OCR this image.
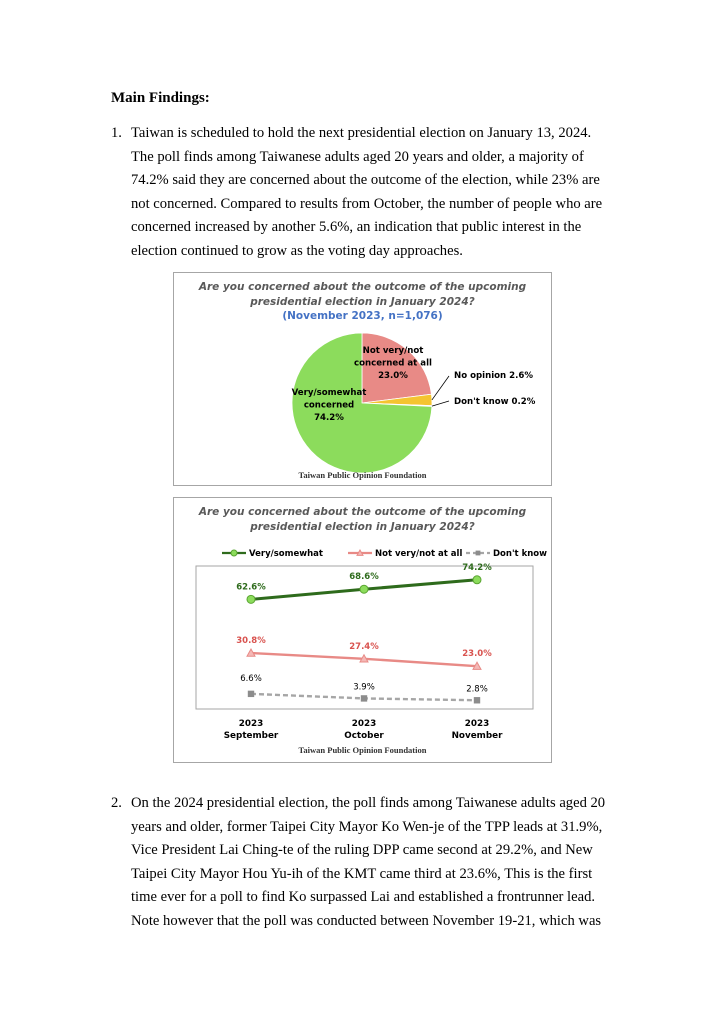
Main Findings:
1. Taiwan is scheduled to hold the next presidential election on January 13, 2024.
The poll finds among Taiwanese adults aged 20 years and older, a majority of
74.2% said they are concerned about the outcome of the election, while 23% are
not concerned. Compared to results from October, the number of people who are
concerned increased by another 5.6%, an indication that public interest in the
election continued to grow as the voting day approaches.
Are you concerned about the outcome of the upcoming
presidential election in January 2024?
(November 2023, n=1,076)
Not very/not concerned at all 23.0%	No opinion 2.6%
Don't know 0.2%
Very/somewhat concerned 74.2%
Taiwan Public Opinion Foundation
Are you concerned about the outcome of the upcoming
presidential election in January 2024?
Very/somewhat	Not very/not at all	Don't know
62.6%
68.6%
74.2%
30.8%
27.4%
23.0%
6.6%
3.9%	2.8%
2023 September
2023 October
2023 November
Taiwan Public Opinion Foundation
2. On the 2024 presidential election, the poll finds among Taiwanese adults aged 20
years and older, former Taipei City Mayor Ko Wen-je of the TPP leads at 31.9%,
Vice President Lai Ching-te of the ruling DPP came second at 29.2%, and New
Taipei City Mayor Hou Yu-ih of the KMT came third at 23.6%, This is the first
time ever for a poll to find Ko surpassed Lai and established a frontrunner lead.
Note however that the poll was conducted between November 19-21, which was
